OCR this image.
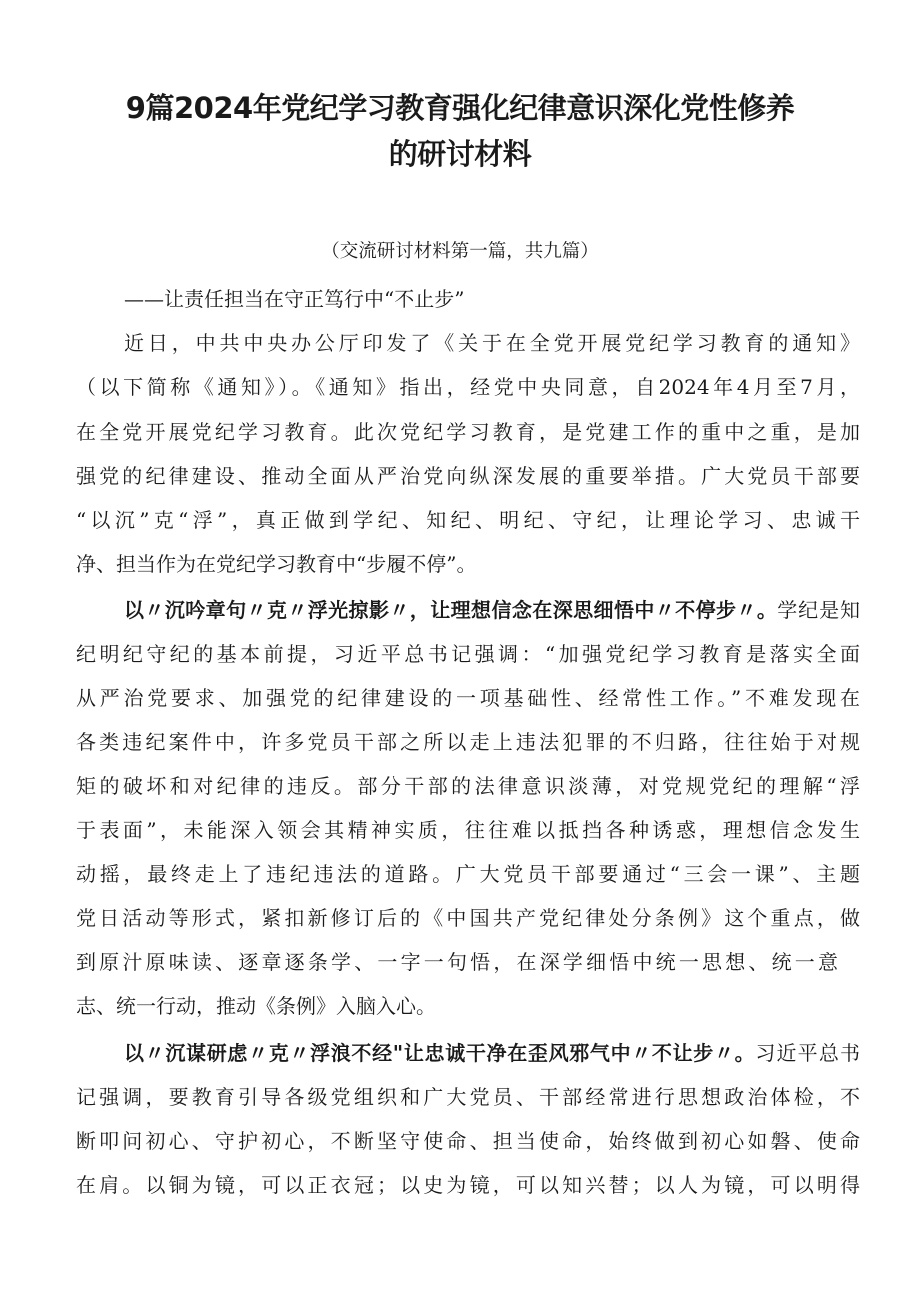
9篇2024年党纪学习教育强化纪律意识深化党性修养
的研讨材料
（交流研讨材料第一篇，共九篇）

——让责任担当在守正笃行中“不止步”

近日，中共中央办公厅印发了《关于在全党开展党纪学习教育的通知》

（以下简称《通知》）。《通知》指出，经党中央同意，自2024年4月至7月，

在全党开展党纪学习教育。此次党纪学习教育，是党建工作的重中之重，是加

强党的纪律建设、推动全面从严治党向纵深发展的重要举措。广大党员干部要

“以沉”克“浮”，真正做到学纪、知纪、明纪、守纪，让理论学习、忠诚干

净、担当作为在党纪学习教育中“步履不停”。

以〃沉吟章句〃克〃浮光掠影〃，让理想信念在深思细悟中〃不停步〃。学纪是知

纪明纪守纪的基本前提，习近平总书记强调：“加强党纪学习教育是落实全面

从严治党要求、加强党的纪律建设的一项基础性、经常性工作。”不难发现在

各类违纪案件中，许多党员干部之所以走上违法犯罪的不归路，往往始于对规

矩的破坏和对纪律的违反。部分干部的法律意识淡薄，对党规党纪的理解“浮

于表面”，未能深入领会其精神实质，往往难以抵挡各种诱惑，理想信念发生

动摇，最终走上了违纪违法的道路。广大党员干部要通过“三会一课”、主题

党日活动等形式，紧扣新修订后的《中国共产党纪律处分条例》这个重点，做

到原汁原味读、逐章逐条学、一字一句悟，在深学细悟中统一思想、统一意

志、统一行动，推动《条例》入脑入心。

以〃沉谋研虑〃克〃浮浪不经"让忠诚干净在歪风邪气中〃不让步〃。习近平总书

记强调，要教育引导各级党组织和广大党员、干部经常进行思想政治体检，不

断叩问初心、守护初心，不断坚守使命、担当使命，始终做到初心如磐、使命

在肩。以铜为镜，可以正衣冠；以史为镜，可以知兴替；以人为镜，可以明得
